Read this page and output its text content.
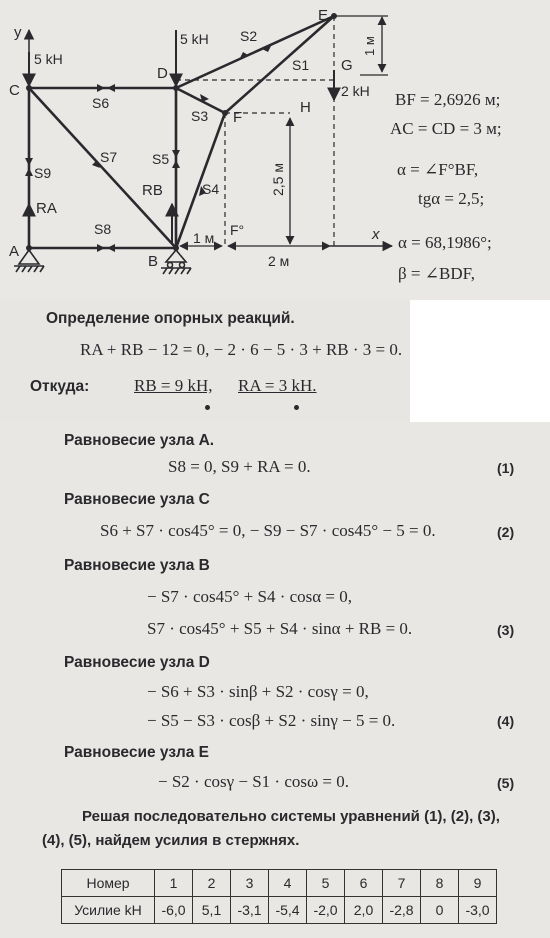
y
x
A
B
C
D
E
F
G
H
S1
S2
S3
S4
S5
S6
S7
S8
S9
RA
RB
5 kH
5 kH
2 kH
1 м
2 м
F°
2,5 м
1 м
BF = 2,6926 м;
AC = CD = 3 м;
α = ∠F°BF,
tgα = 2,5;
α = 68,1986°;
β = ∠BDF,
Определение опорных реакций.
RA + RB − 12 = 0, − 2 · 6 − 5 · 3 + RB · 3 = 0.
Откуда:	RB = 9 kH, RA = 3 kH.
Равновесие узла A.
S8 = 0, S9 + RA = 0.	(1)
Равновесие узла C
S6 + S7 · cos45° = 0, − S9 − S7 · cos45° − 5 = 0.	(2)
Равновесие узла B
− S7 · cos45° + S4 · cosα = 0,
S7 · cos45° + S5 + S4 · sinα + RB = 0.	(3)
Равновесие узла D
− S6 + S3 · sinβ + S2 · cosγ = 0,
− S5 − S3 · cosβ + S2 · sinγ − 5 = 0.	(4)
Равновесие узла E
− S2 · cosγ − S1 · cosω = 0.	(5)
Решая последовательно системы уравнений (1), (2), (3),
(4), (5), найдем усилия в стержнях.
Номер	1	2	3	4	5	6	7	8	9
Усилие kH	-6,0	5,1	-3,1	-5,4	-2,0	2,0	-2,8	0	-3,0
